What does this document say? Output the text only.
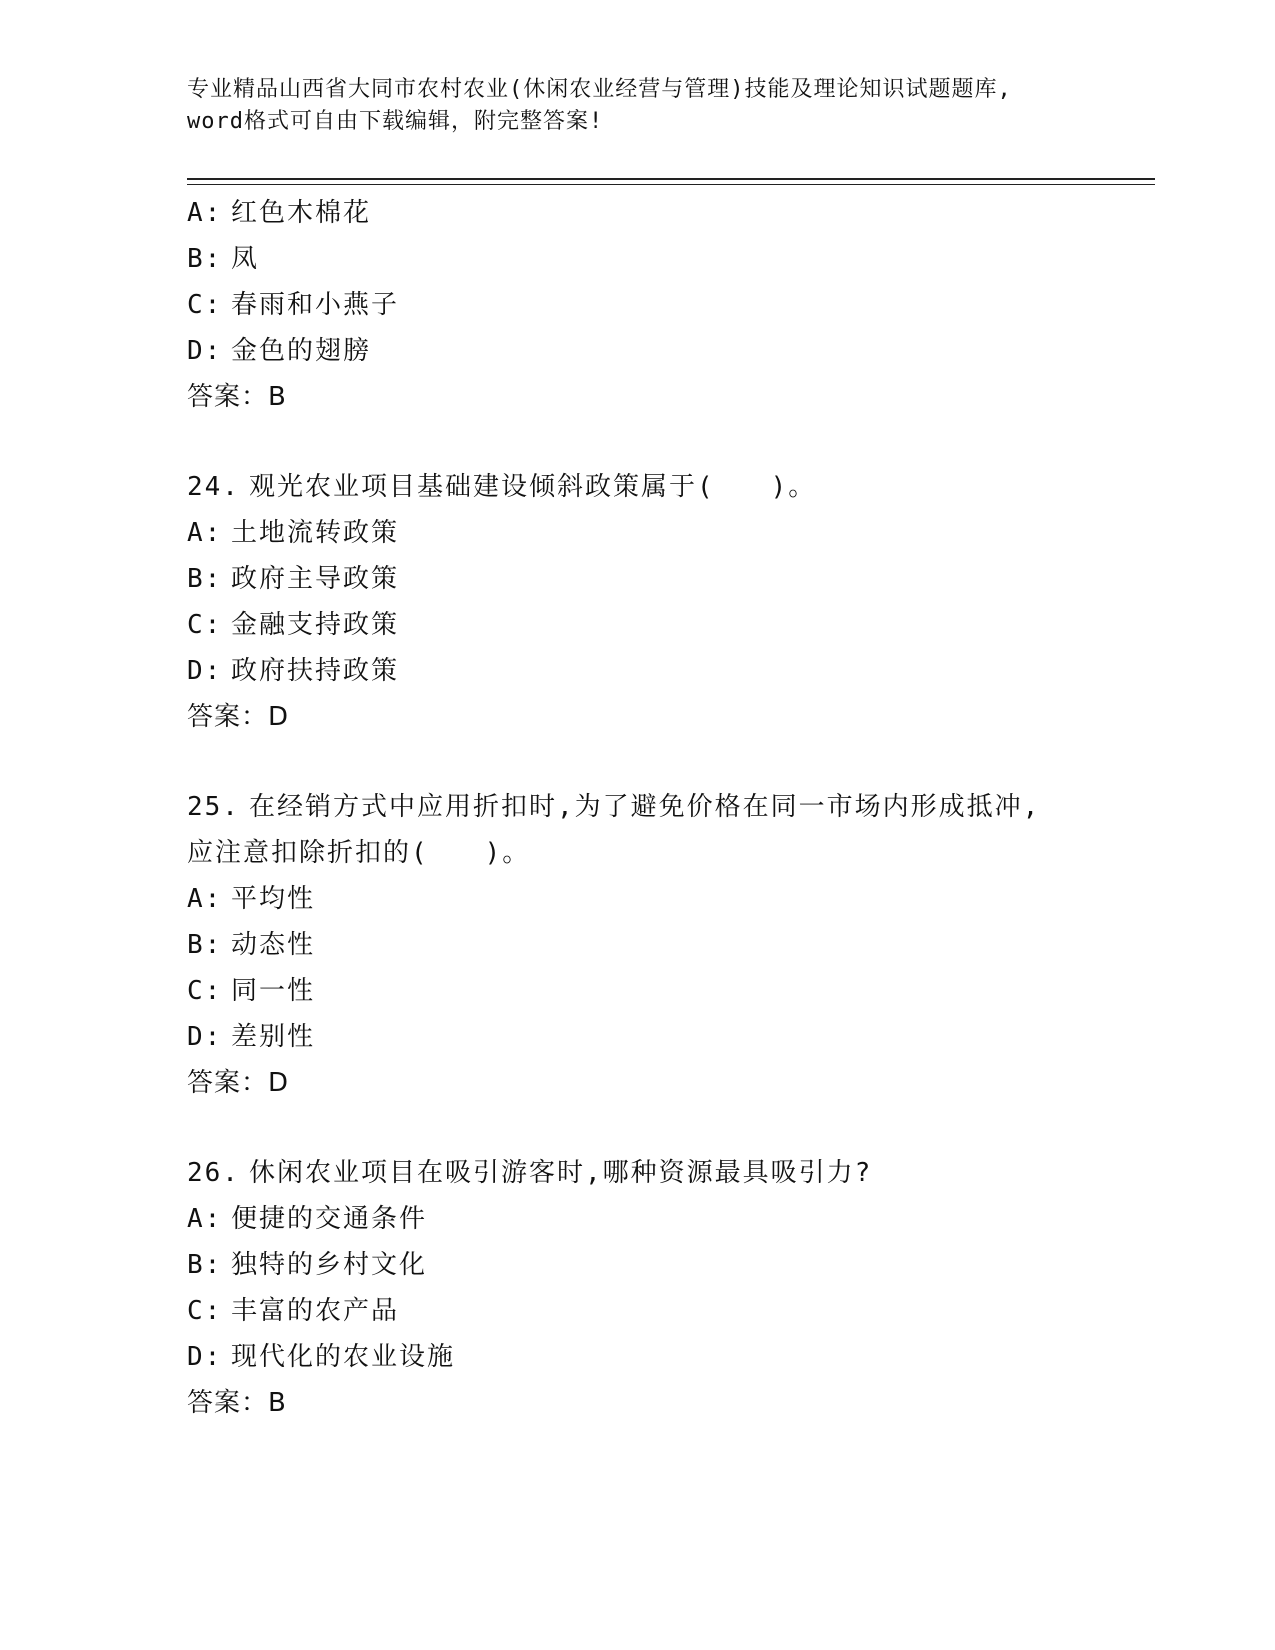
专业精品山西省大同市农村农业(休闲农业经营与管理)技能及理论知识试题题库,
word格式可自由下载编辑，附完整答案!
A: 红色木棉花
B: 凤
C: 春雨和小燕子
D: 金色的翅膀
答案：B
24. 观光农业项目基础建设倾斜政策属于(　　)。
A: 土地流转政策
B: 政府主导政策
C: 金融支持政策
D: 政府扶持政策
答案：D
25. 在经销方式中应用折扣时,为了避免价格在同一市场内形成抵冲,
应注意扣除折扣的(　　)。
A: 平均性
B: 动态性
C: 同一性
D: 差别性
答案：D
26. 休闲农业项目在吸引游客时,哪种资源最具吸引力?
A: 便捷的交通条件
B: 独特的乡村文化
C: 丰富的农产品
D: 现代化的农业设施
答案：B
